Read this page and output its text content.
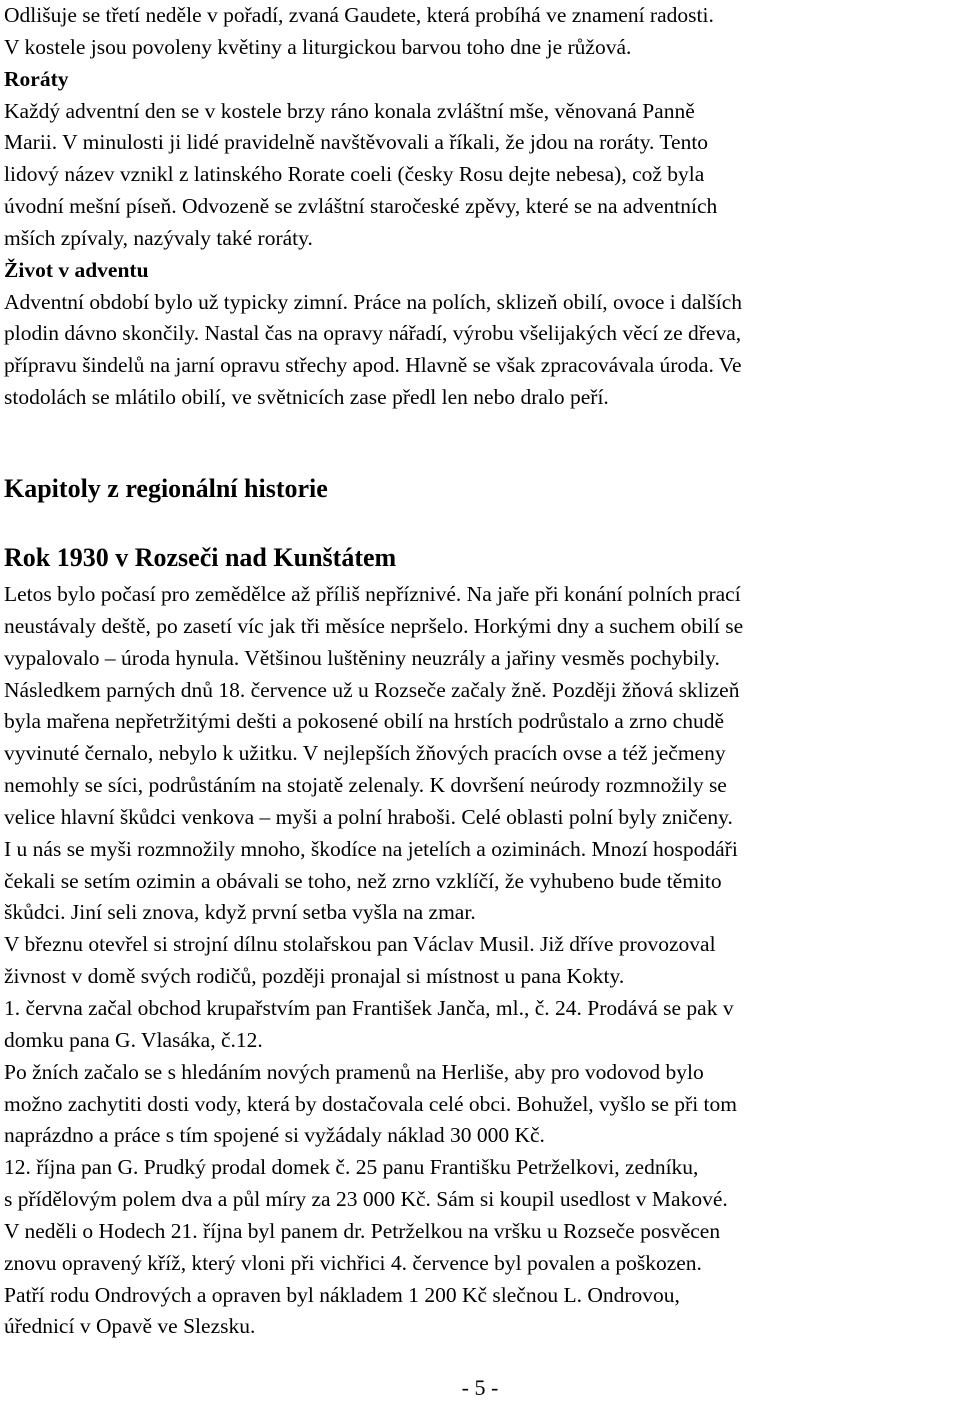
Odlišuje se třetí neděle v pořadí, zvaná Gaudete, která probíhá ve znamení radosti.
V kostele jsou povoleny květiny a liturgickou barvou toho dne je růžová.
Roráty
Každý adventní den se v kostele brzy ráno konala zvláštní mše, věnovaná Panně
Marii. V minulosti ji lidé pravidelně navštěvovali a říkali, že jdou na roráty. Tento
lidový název vznikl z latinského Rorate coeli (česky Rosu dejte nebesa), což byla
úvodní mešní píseň. Odvozeně se zvláštní staročeské zpěvy, které se na adventních
mších zpívaly, nazývaly také roráty.
Život v adventu
Adventní období bylo už typicky zimní. Práce na polích, sklizeň obilí, ovoce i dalších
plodin dávno skončily. Nastal čas na opravy nářadí, výrobu všelijakých věcí ze dřeva,
přípravu šindelů na jarní opravu střechy apod. Hlavně se však zpracovávala úroda. Ve
stodolách se mlátilo obilí, ve světnicích zase předl len nebo dralo peří.
Kapitoly z regionální historie
Rok 1930 v Rozseči nad Kunštátem
Letos bylo počasí pro zemědělce až příliš nepříznivé. Na jaře při konání polních prací
neustávaly deště, po zasetí víc jak tři měsíce nepršelo. Horkými dny a suchem obilí se
vypalovalo – úroda hynula. Většinou luštěniny neuzrály a jařiny vesměs pochybily.
Následkem parných dnů 18. července už u Rozseče začaly žně. Později žňová sklizeň
byla mařena nepřetržitými dešti a pokosené obilí na hrstích podrůstalo a zrno chudě
vyvinuté černalo, nebylo k užitku. V nejlepších žňových pracích ovse a též ječmeny
nemohly se síci, podrůstáním na stojatě zelenaly. K dovršení neúrody rozmnožily se
velice hlavní škůdci venkova – myši a polní hraboši. Celé oblasti polní byly zničeny.
I u nás se myši rozmnožily mnoho, škodíce na jetelích a oziminách. Mnozí hospodáři
čekali se setím ozimin a obávali se toho, než zrno vzklíčí, že vyhubeno bude těmito
škůdci. Jiní seli znova, když první setba vyšla na zmar.
V březnu otevřel si strojní dílnu stolařskou pan Václav Musil. Již dříve provozoval
živnost v domě svých rodičů, později pronajal si místnost u pana Kokty.
1. června začal obchod krupařstvím pan František Janča, ml., č. 24. Prodává se pak v
domku pana G. Vlasáka, č.12.
Po žních začalo se s hledáním nových pramenů na Herliše, aby pro vodovod bylo
možno zachytiti dosti vody, která by dostačovala celé obci. Bohužel, vyšlo se při tom
naprázdno a práce s tím spojené si vyžádaly náklad 30 000 Kč.
12. října pan G. Prudký prodal domek č. 25 panu Františku Petrželkovi, zedníku,
s přídělovým polem dva a půl míry za 23 000 Kč. Sám si koupil usedlost v Makové.
V neděli o Hodech 21. října byl panem dr. Petrželkou na vršku u Rozseče posvěcen
znovu opravený kříž, který vloni při vichřici 4. července byl povalen a poškozen.
Patří rodu Ondrových a opraven byl nákladem 1 200 Kč slečnou L. Ondrovou,
úřednicí v Opavě ve Slezsku.
- 5 -
